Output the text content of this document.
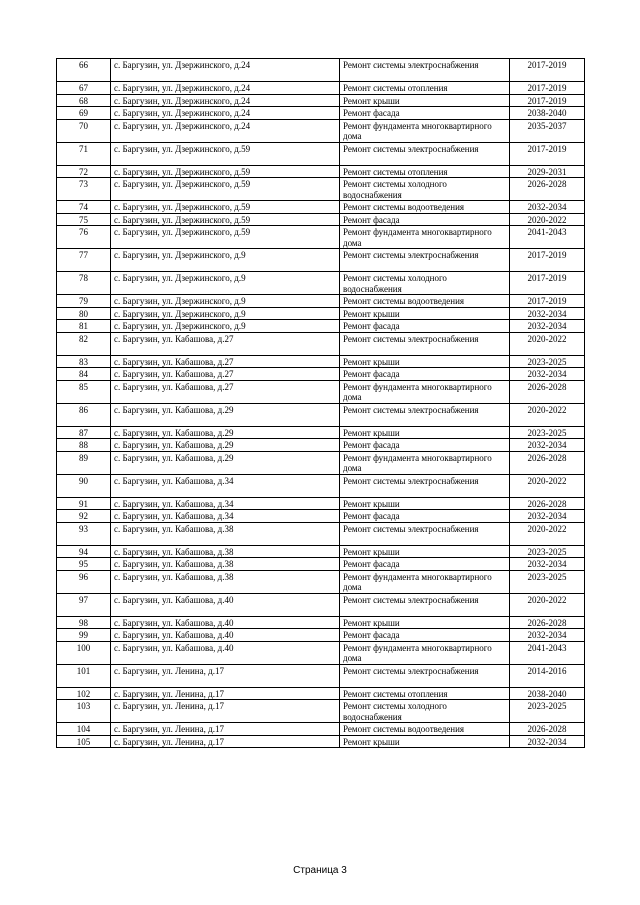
66	с. Баргузин, ул. Дзержинского, д.24	Ремонт системы электроснабжения	2017-2019
67	с. Баргузин, ул. Дзержинского, д.24	Ремонт системы отопления	2017-2019
68	с. Баргузин, ул. Дзержинского, д.24	Ремонт крыши	2017-2019
69	с. Баргузин, ул. Дзержинского, д.24	Ремонт фасада	2038-2040
70	с. Баргузин, ул. Дзержинского, д.24	Ремонт фундамента многоквартирного дома	2035-2037
71	с. Баргузин, ул. Дзержинского, д.59	Ремонт системы электроснабжения	2017-2019
72	с. Баргузин, ул. Дзержинского, д.59	Ремонт системы отопления	2029-2031
73	с. Баргузин, ул. Дзержинского, д.59	Ремонт системы холодного водоснабжения	2026-2028
74	с. Баргузин, ул. Дзержинского, д.59	Ремонт системы водоотведения	2032-2034
75	с. Баргузин, ул. Дзержинского, д.59	Ремонт фасада	2020-2022
76	с. Баргузин, ул. Дзержинского, д.59	Ремонт фундамента многоквартирного дома	2041-2043
77	с. Баргузин, ул. Дзержинского, д.9	Ремонт системы электроснабжения	2017-2019
78	с. Баргузин, ул. Дзержинского, д.9	Ремонт системы холодного водоснабжения	2017-2019
79	с. Баргузин, ул. Дзержинского, д.9	Ремонт системы водоотведения	2017-2019
80	с. Баргузин, ул. Дзержинского, д.9	Ремонт крыши	2032-2034
81	с. Баргузин, ул. Дзержинского, д.9	Ремонт фасада	2032-2034
82	с. Баргузин, ул. Кабашова, д.27	Ремонт системы электроснабжения	2020-2022
83	с. Баргузин, ул. Кабашова, д.27	Ремонт крыши	2023-2025
84	с. Баргузин, ул. Кабашова, д.27	Ремонт фасада	2032-2034
85	с. Баргузин, ул. Кабашова, д.27	Ремонт фундамента многоквартирного дома	2026-2028
86	с. Баргузин, ул. Кабашова, д.29	Ремонт системы электроснабжения	2020-2022
87	с. Баргузин, ул. Кабашова, д.29	Ремонт крыши	2023-2025
88	с. Баргузин, ул. Кабашова, д.29	Ремонт фасада	2032-2034
89	с. Баргузин, ул. Кабашова, д.29	Ремонт фундамента многоквартирного дома	2026-2028
90	с. Баргузин, ул. Кабашова, д.34	Ремонт системы электроснабжения	2020-2022
91	с. Баргузин, ул. Кабашова, д.34	Ремонт крыши	2026-2028
92	с. Баргузин, ул. Кабашова, д.34	Ремонт фасада	2032-2034
93	с. Баргузин, ул. Кабашова, д.38	Ремонт системы электроснабжения	2020-2022
94	с. Баргузин, ул. Кабашова, д.38	Ремонт крыши	2023-2025
95	с. Баргузин, ул. Кабашова, д.38	Ремонт фасада	2032-2034
96	с. Баргузин, ул. Кабашова, д.38	Ремонт фундамента многоквартирного дома	2023-2025
97	с. Баргузин, ул. Кабашова, д.40	Ремонт системы электроснабжения	2020-2022
98	с. Баргузин, ул. Кабашова, д.40	Ремонт крыши	2026-2028
99	с. Баргузин, ул. Кабашова, д.40	Ремонт фасада	2032-2034
100	с. Баргузин, ул. Кабашова, д.40	Ремонт фундамента многоквартирного дома	2041-2043
101	с. Баргузин, ул. Ленина, д.17	Ремонт системы электроснабжения	2014-2016
102	с. Баргузин, ул. Ленина, д.17	Ремонт системы отопления	2038-2040
103	с. Баргузин, ул. Ленина, д.17	Ремонт системы холодного водоснабжения	2023-2025
104	с. Баргузин, ул. Ленина, д.17	Ремонт системы водоотведения	2026-2028
105	с. Баргузин, ул. Ленина, д.17	Ремонт крыши	2032-2034
Страница 3
